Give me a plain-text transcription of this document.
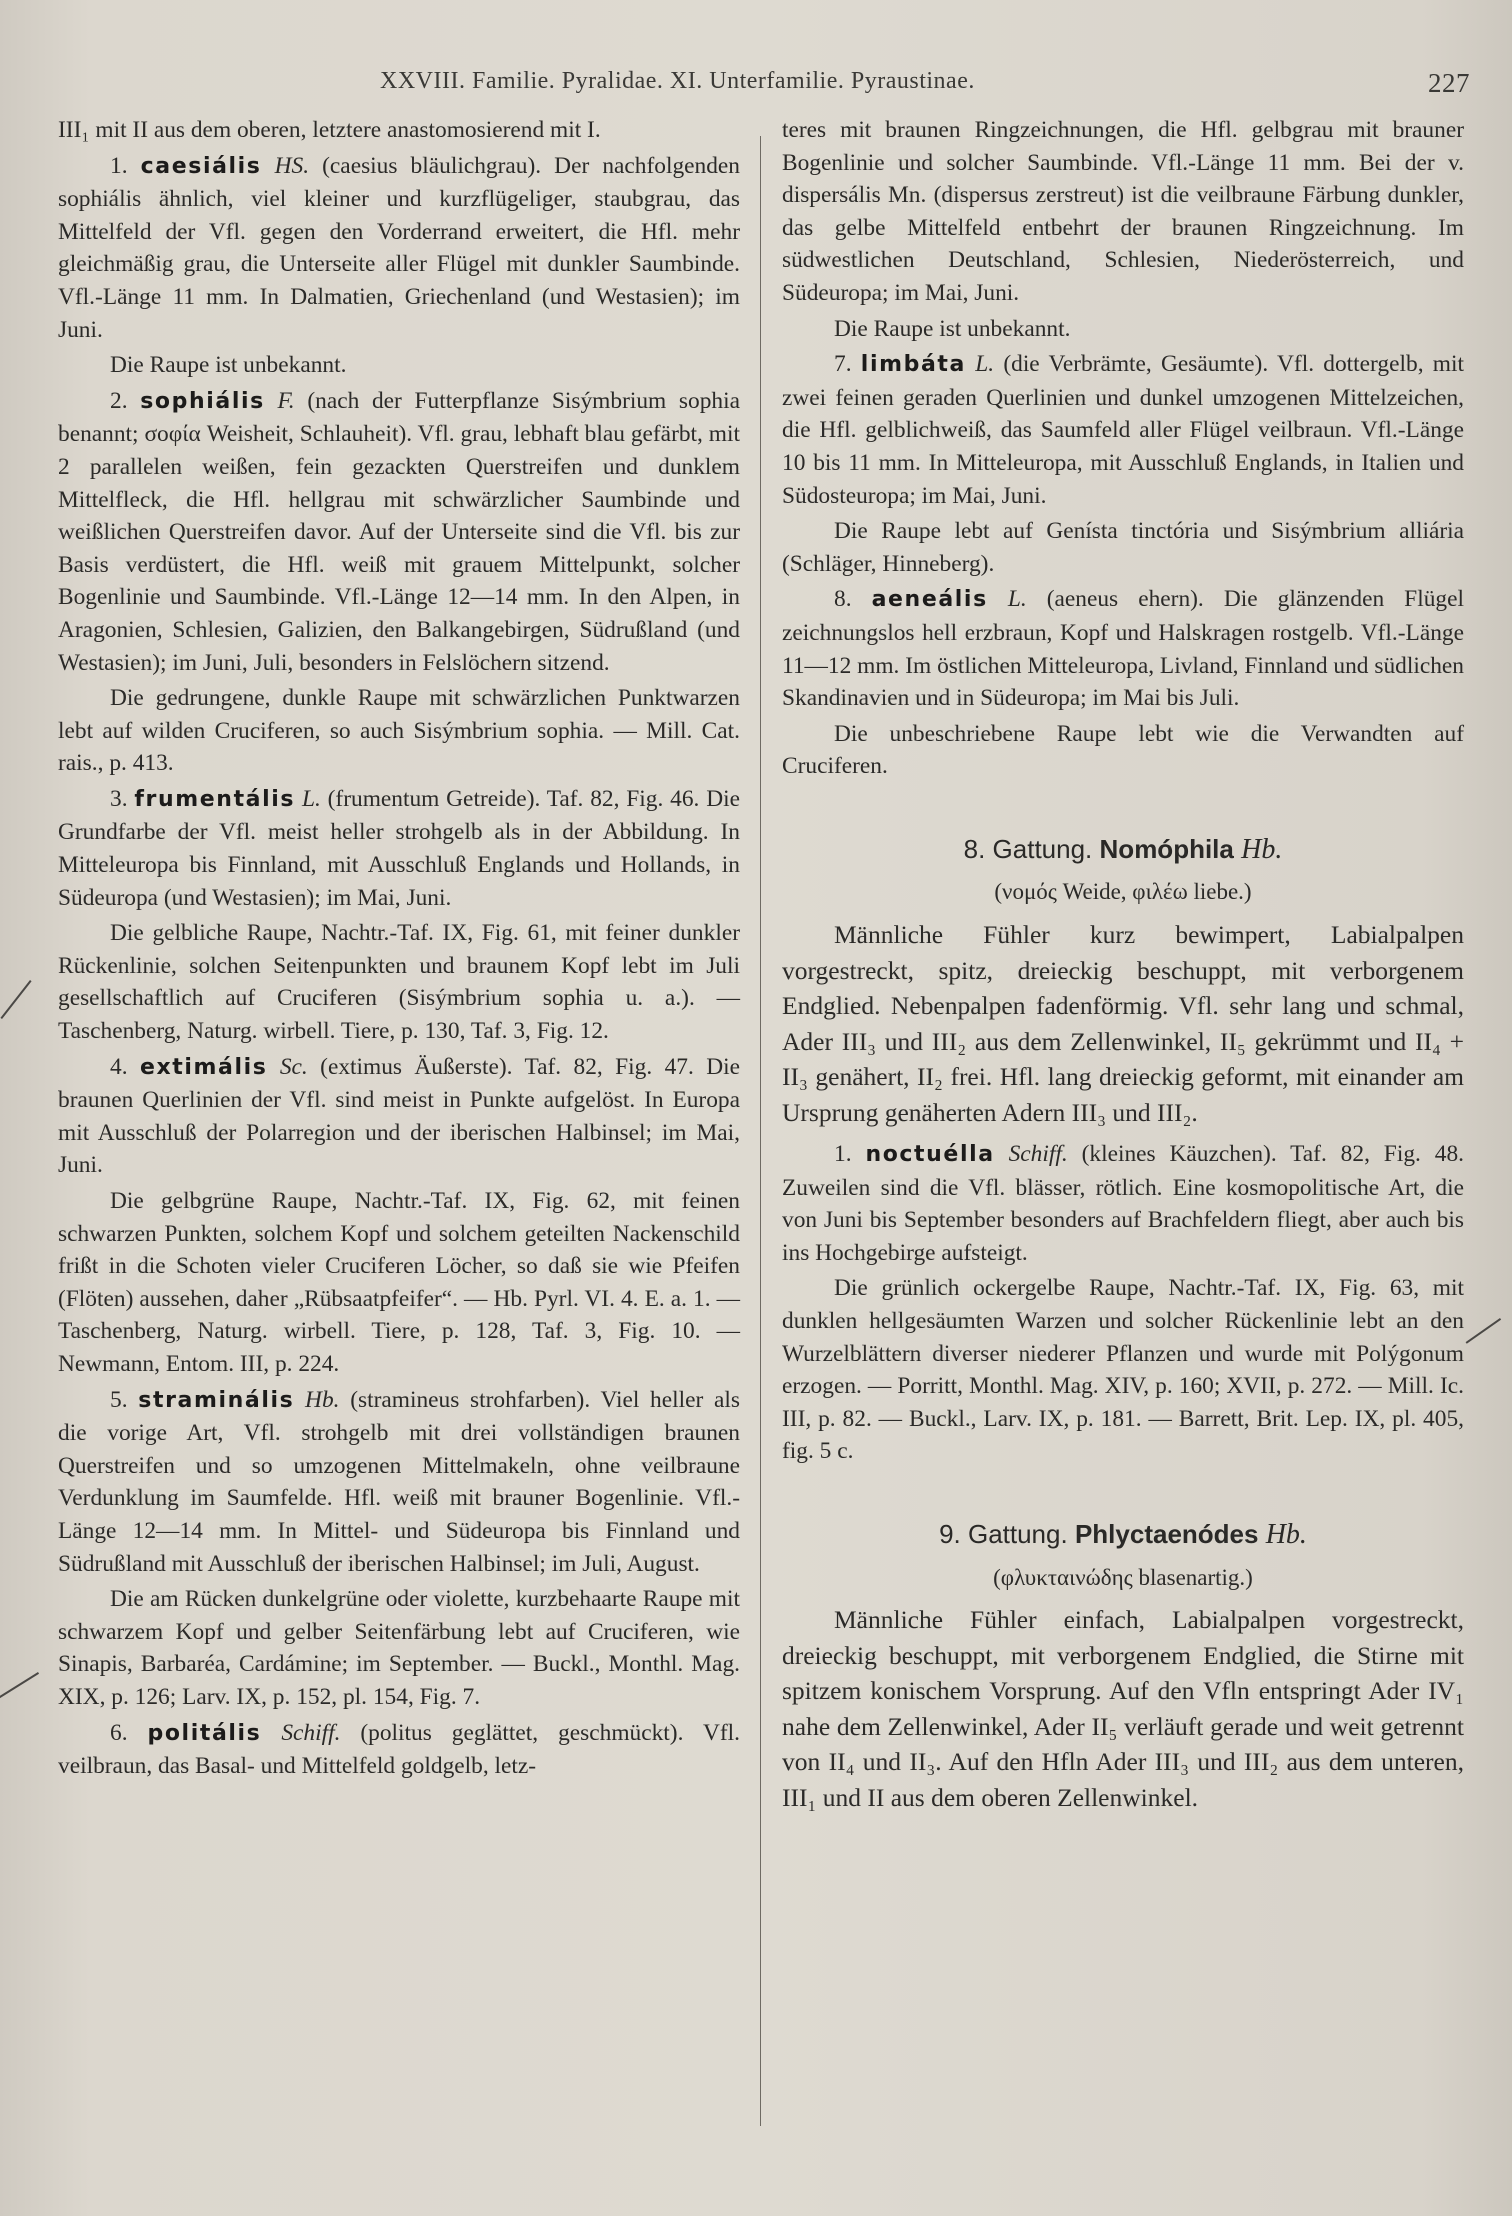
XXVIII. Familie. Pyralidae. XI. Unterfamilie. Pyraustinae.	227

III₁ mit II aus dem oberen, letztere anastomosierend mit I.

1. caesiális HS. (caesius bläulichgrau). Der nachfolgenden sophiális ähnlich, viel kleiner und kurzflügeliger, staubgrau, das Mittelfeld der Vfl. gegen den Vorderrand erweitert, die Hfl. mehr gleichmäßig grau, die Unterseite aller Flügel mit dunkler Saumbinde. Vfl.-Länge 11 mm. In Dalmatien, Griechenland (und Westasien); im Juni.

Die Raupe ist unbekannt.

2. sophiális F. (nach der Futterpflanze Sisýmbrium sophia benannt; σοφία Weisheit, Schlauheit). Vfl. grau, lebhaft blau gefärbt, mit 2 parallelen weißen, fein gezackten Querstreifen und dunklem Mittelfleck, die Hfl. hellgrau mit schwärzlicher Saumbinde und weißlichen Querstreifen davor. Auf der Unterseite sind die Vfl. bis zur Basis verdüstert, die Hfl. weiß mit grauem Mittelpunkt, solcher Bogenlinie und Saumbinde. Vfl.-Länge 12—14 mm. In den Alpen, in Aragonien, Schlesien, Galizien, den Balkangebirgen, Südrußland (und Westasien); im Juni, Juli, besonders in Felslöchern sitzend.

Die gedrungene, dunkle Raupe mit schwärzlichen Punktwarzen lebt auf wilden Cruciferen, so auch Sisýmbrium sophia. — Mill. Cat. rais., p. 413.

3. frumentális L. (frumentum Getreide). Taf. 82, Fig. 46. Die Grundfarbe der Vfl. meist heller strohgelb als in der Abbildung. In Mitteleuropa bis Finnland, mit Ausschluß Englands und Hollands, in Südeuropa (und Westasien); im Mai, Juni.

Die gelbliche Raupe, Nachtr.-Taf. IX, Fig. 61, mit feiner dunkler Rückenlinie, solchen Seitenpunkten und braunem Kopf lebt im Juli gesellschaftlich auf Cruciferen (Sisýmbrium sophia u. a.). — Taschenberg, Naturg. wirbell. Tiere, p. 130, Taf. 3, Fig. 12.

4. extimális Sc. (extimus Äußerste). Taf. 82, Fig. 47. Die braunen Querlinien der Vfl. sind meist in Punkte aufgelöst. In Europa mit Ausschluß der Polarregion und der iberischen Halbinsel; im Mai, Juni.

Die gelbgrüne Raupe, Nachtr.-Taf. IX, Fig. 62, mit feinen schwarzen Punkten, solchem Kopf und solchem geteilten Nackenschild frißt in die Schoten vieler Cruciferen Löcher, so daß sie wie Pfeifen (Flöten) aussehen, daher „Rübsaatpfeifer“. — Hb. Pyrl. VI. 4. E. a. 1. — Taschenberg, Naturg. wirbell. Tiere, p. 128, Taf. 3, Fig. 10. — Newmann, Entom. III, p. 224.

5. straminális Hb. (stramineus strohfarben). Viel heller als die vorige Art, Vfl. strohgelb mit drei vollständigen braunen Querstreifen und so umzogenen Mittelmakeln, ohne veilbraune Verdunklung im Saumfelde. Hfl. weiß mit brauner Bogenlinie. Vfl.-Länge 12—14 mm. In Mittel- und Südeuropa bis Finnland und Südrußland mit Ausschluß der iberischen Halbinsel; im Juli, August.

Die am Rücken dunkelgrüne oder violette, kurzbehaarte Raupe mit schwarzem Kopf und gelber Seitenfärbung lebt auf Cruciferen, wie Sinapis, Barbaréa, Cardámine; im September. — Buckl., Monthl. Mag. XIX, p. 126; Larv. IX, p. 152, pl. 154, Fig. 7.

6. politális Schiff. (politus geglättet, geschmückt). Vfl. veilbraun, das Basal- und Mittelfeld goldgelb, letz-

teres mit braunen Ringzeichnungen, die Hfl. gelbgrau mit brauner Bogenlinie und solcher Saumbinde. Vfl.-Länge 11 mm. Bei der v. dispersális Mn. (dispersus zerstreut) ist die veilbraune Färbung dunkler, das gelbe Mittelfeld entbehrt der braunen Ringzeichnung. Im südwestlichen Deutschland, Schlesien, Niederösterreich, und Südeuropa; im Mai, Juni.

Die Raupe ist unbekannt.

7. limbáta L. (die Verbrämte, Gesäumte). Vfl. dottergelb, mit zwei feinen geraden Querlinien und dunkel umzogenen Mittelzeichen, die Hfl. gelblichweiß, das Saumfeld aller Flügel veilbraun. Vfl.-Länge 10 bis 11 mm. In Mitteleuropa, mit Ausschluß Englands, in Italien und Südosteuropa; im Mai, Juni.

Die Raupe lebt auf Genísta tinctória und Sisýmbrium alliária (Schläger, Hinneberg).

8. aeneális L. (aeneus ehern). Die glänzenden Flügel zeichnungslos hell erzbraun, Kopf und Halskragen rostgelb. Vfl.-Länge 11—12 mm. Im östlichen Mitteleuropa, Livland, Finnland und südlichen Skandinavien und in Südeuropa; im Mai bis Juli.

Die unbeschriebene Raupe lebt wie die Verwandten auf Cruciferen.

8. Gattung. Nomóphila Hb.
(νομός Weide, φιλέω liebe.)

Männliche Fühler kurz bewimpert, Labialpalpen vorgestreckt, spitz, dreieckig beschuppt, mit verborgenem Endglied. Nebenpalpen fadenförmig. Vfl. sehr lang und schmal, Ader III₃ und III₂ aus dem Zellenwinkel, II₅ gekrümmt und II₄ + II₃ genähert, II₂ frei. Hfl. lang dreieckig geformt, mit einander am Ursprung genäherten Adern III₃ und III₂.

1. noctuélla Schiff. (kleines Käuzchen). Taf. 82, Fig. 48. Zuweilen sind die Vfl. blässer, rötlich. Eine kosmopolitische Art, die von Juni bis September besonders auf Brachfeldern fliegt, aber auch bis ins Hochgebirge aufsteigt.

Die grünlich ockergelbe Raupe, Nachtr.-Taf. IX, Fig. 63, mit dunklen hellgesäumten Warzen und solcher Rückenlinie lebt an den Wurzelblättern diverser niederer Pflanzen und wurde mit Polýgonum erzogen. — Porritt, Monthl. Mag. XIV, p. 160; XVII, p. 272. — Mill. Ic. III, p. 82. — Buckl., Larv. IX, p. 181. — Barrett, Brit. Lep. IX, pl. 405, fig. 5 c.

9. Gattung. Phlyctaenódes Hb.
(φλυκταινώδης blasenartig.)

Männliche Fühler einfach, Labialpalpen vorgestreckt, dreieckig beschuppt, mit verborgenem Endglied, die Stirne mit spitzem konischem Vorsprung. Auf den Vfln entspringt Ader IV₁ nahe dem Zellenwinkel, Ader II₅ verläuft gerade und weit getrennt von II₄ und II₃. Auf den Hfln Ader III₃ und III₂ aus dem unteren, III₁ und II aus dem oberen Zellenwinkel.
